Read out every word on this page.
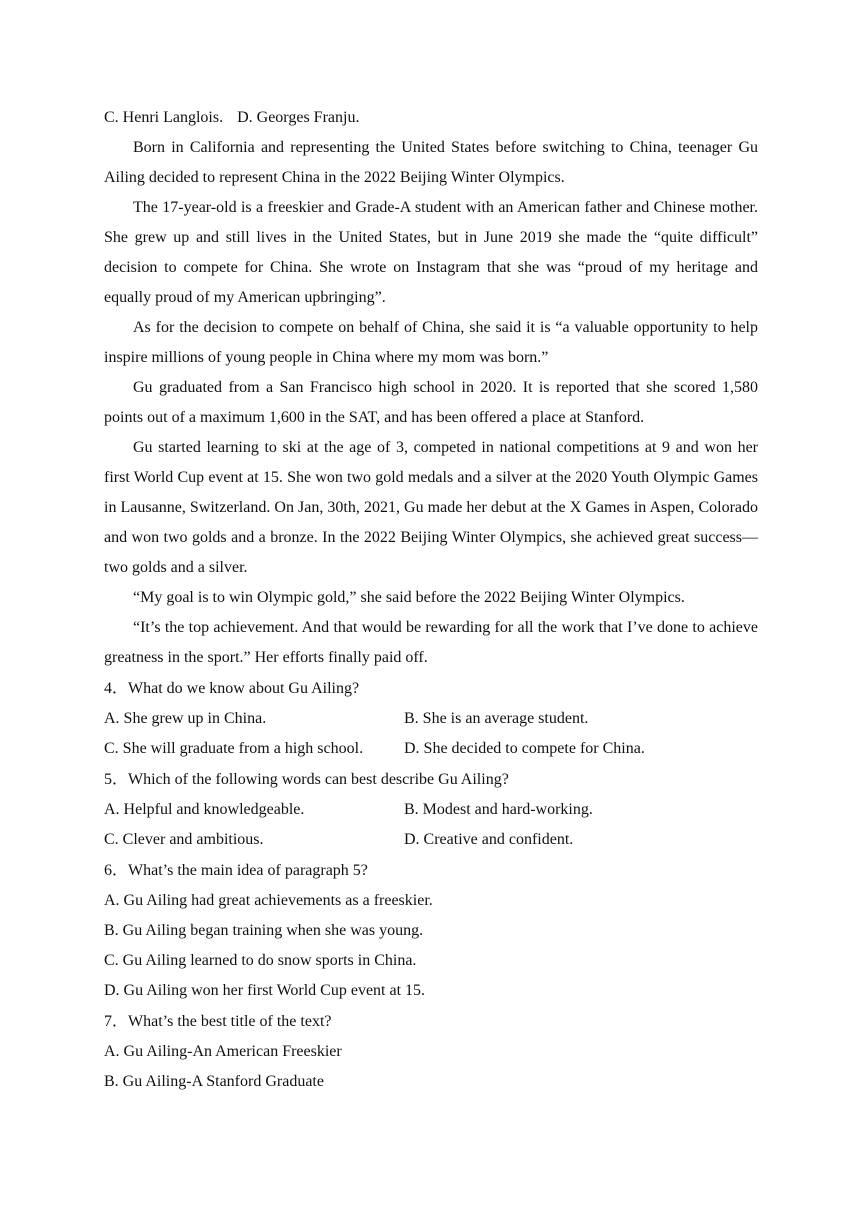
C. Henri Langlois. D. Georges Franju.

Born in California and representing the United States before switching to China, teenager Gu Ailing decided to represent China in the 2022 Beijing Winter Olympics.

The 17-year-old is a freeskier and Grade-A student with an American father and Chinese mother. She grew up and still lives in the United States, but in June 2019 she made the “quite difficult” decision to compete for China. She wrote on Instagram that she was “proud of my heritage and equally proud of my American upbringing”.

As for the decision to compete on behalf of China, she said it is “a valuable opportunity to help inspire millions of young people in China where my mom was born.”

Gu graduated from a San Francisco high school in 2020. It is reported that she scored 1,580 points out of a maximum 1,600 in the SAT, and has been offered a place at Stanford.

Gu started learning to ski at the age of 3, competed in national competitions at 9 and won her first World Cup event at 15. She won two gold medals and a silver at the 2020 Youth Olympic Games in Lausanne, Switzerland. On Jan, 30th, 2021, Gu made her debut at the X Games in Aspen, Colorado and won two golds and a bronze. In the 2022 Beijing Winter Olympics, she achieved great success—two golds and a silver.

“My goal is to win Olympic gold,” she said before the 2022 Beijing Winter Olympics.

“It’s the top achievement. And that would be rewarding for all the work that I’ve done to achieve greatness in the sport.” Her efforts finally paid off.

4．What do we know about Gu Ailing?
A. She grew up in China.	B. She is an average student.
C. She will graduate from a high school.	D. She decided to compete for China.
5．Which of the following words can best describe Gu Ailing?
A. Helpful and knowledgeable.	B. Modest and hard-working.
C. Clever and ambitious.	D. Creative and confident.
6．What’s the main idea of paragraph 5?
A. Gu Ailing had great achievements as a freeskier.
B. Gu Ailing began training when she was young.
C. Gu Ailing learned to do snow sports in China.
D. Gu Ailing won her first World Cup event at 15.
7．What’s the best title of the text?
A. Gu Ailing-An American Freeskier
B. Gu Ailing-A Stanford Graduate
